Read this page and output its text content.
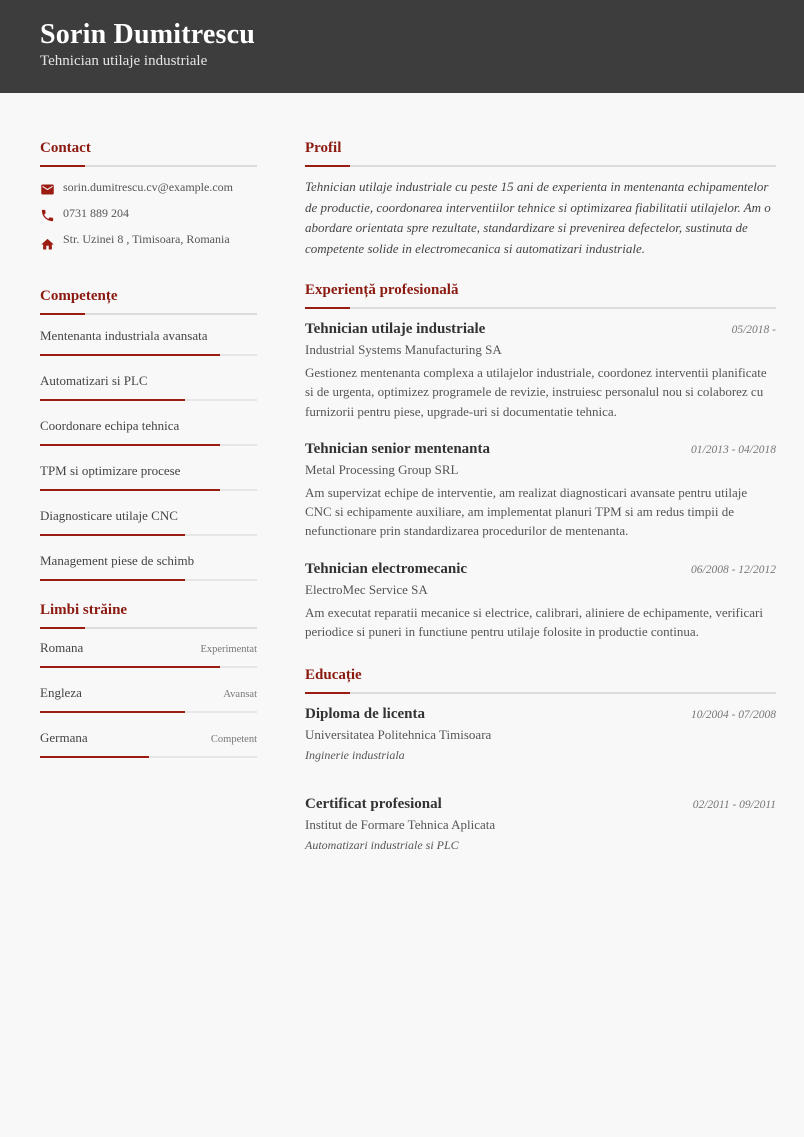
Sorin Dumitrescu
Tehnician utilaje industriale
Contact
sorin.dumitrescu.cv@example.com
0731 889 204
Str. Uzinei 8 , Timisoara, Romania
Competențe
Mentenanta industriala avansata
Automatizari si PLC
Coordonare echipa tehnica
TPM si optimizare procese
Diagnosticare utilaje CNC
Management piese de schimb
Limbi străine
Romana	Experimentat
Engleza	Avansat
Germana	Competent
Profil

Tehnician utilaje industriale cu peste 15 ani de experienta in mentenanta echipamentelor de productie, coordonarea interventiilor tehnice si optimizarea fiabilitatii utilajelor. Am o abordare orientata spre rezultate, standardizare si prevenirea defectelor, sustinuta de competente solide in electromecanica si automatizari industriale.

Experiență profesională
Tehnician utilaje industriale	05/2018 -
Industrial Systems Manufacturing SA
Gestionez mentenanta complexa a utilajelor industriale, coordonez interventii planificate si de urgenta, optimizez programele de revizie, instruiesc personalul nou si colaborez cu furnizorii pentru piese, upgrade-uri si documentatie tehnica.
Tehnician senior mentenanta	01/2013 - 04/2018
Metal Processing Group SRL
Am supervizat echipe de interventie, am realizat diagnosticari avansate pentru utilaje CNC si echipamente auxiliare, am implementat planuri TPM si am redus timpii de nefunctionare prin standardizarea procedurilor de mentenanta.
Tehnician electromecanic	06/2008 - 12/2012
ElectroMec Service SA
Am executat reparatii mecanice si electrice, calibrari, aliniere de echipamente, verificari periodice si puneri in functiune pentru utilaje folosite in productie continua.
Educație
Diploma de licenta	10/2004 - 07/2008
Universitatea Politehnica Timisoara
Inginerie industriala
Certificat profesional	02/2011 - 09/2011
Institut de Formare Tehnica Aplicata
Automatizari industriale si PLC
